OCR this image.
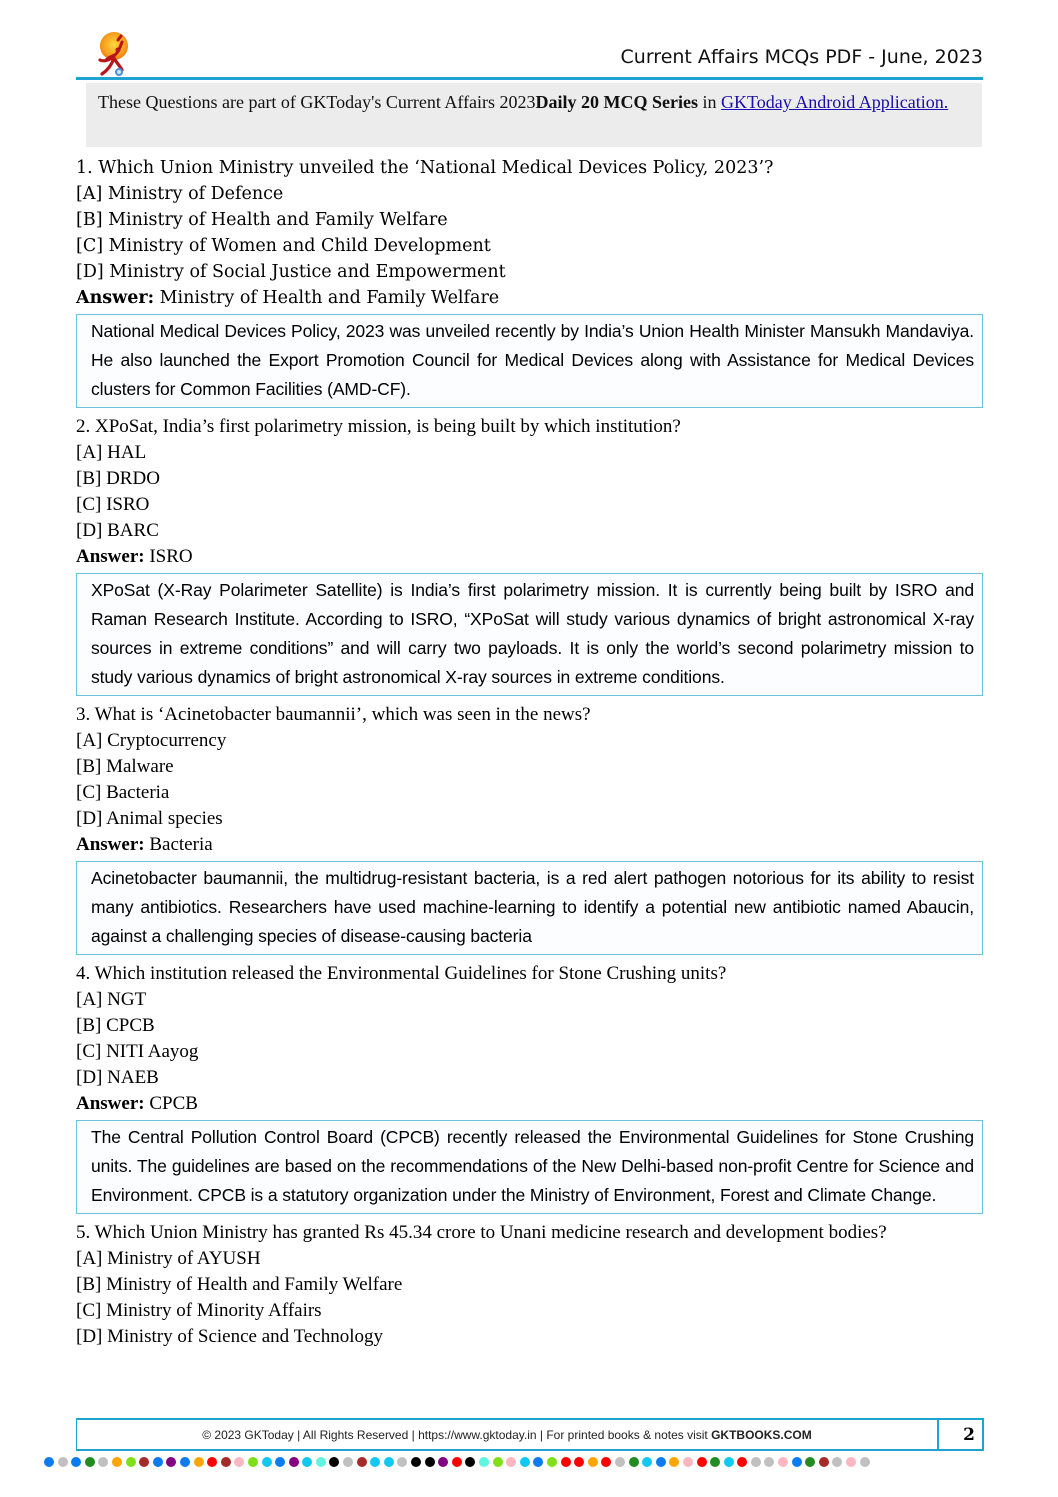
Current Affairs MCQs PDF - June, 2023
These Questions are part of GKToday's Current Affairs 2023Daily 20 MCQ Series in GKToday Android Application.
1. Which Union Ministry unveiled the ‘National Medical Devices Policy, 2023’?
[A] Ministry of Defence
[B] Ministry of Health and Family Welfare
[C] Ministry of Women and Child Development
[D] Ministry of Social Justice and Empowerment
Answer: Ministry of Health and Family Welfare
National Medical Devices Policy, 2023 was unveiled recently by India’s Union Health Minister Mansukh Mandaviya. He also launched the Export Promotion Council for Medical Devices along with Assistance for Medical Devices clusters for Common Facilities (AMD-CF).
2. XPoSat, India’s first polarimetry mission, is being built by which institution?
[A] HAL
[B] DRDO
[C] ISRO
[D] BARC
Answer: ISRO
XPoSat (X-Ray Polarimeter Satellite) is India’s first polarimetry mission. It is currently being built by ISRO and Raman Research Institute. According to ISRO, “XPoSat will study various dynamics of bright astronomical X-ray sources in extreme conditions” and will carry two payloads. It is only the world’s second polarimetry mission to study various dynamics of bright astronomical X-ray sources in extreme conditions.
3. What is ‘Acinetobacter baumannii’, which was seen in the news?
[A] Cryptocurrency
[B] Malware
[C] Bacteria
[D] Animal species
Answer: Bacteria
Acinetobacter baumannii, the multidrug-resistant bacteria, is a red alert pathogen notorious for its ability to resist many antibiotics. Researchers have used machine-learning to identify a potential new antibiotic named Abaucin, against a challenging species of disease-causing bacteria
4. Which institution released the Environmental Guidelines for Stone Crushing units?
[A] NGT
[B] CPCB
[C] NITI Aayog
[D] NAEB
Answer: CPCB
The Central Pollution Control Board (CPCB) recently released the Environmental Guidelines for Stone Crushing units. The guidelines are based on the recommendations of the New Delhi-based non-profit Centre for Science and Environment. CPCB is a statutory organization under the Ministry of Environment, Forest and Climate Change.
5. Which Union Ministry has granted Rs 45.34 crore to Unani medicine research and development bodies?
[A] Ministry of AYUSH
[B] Ministry of Health and Family Welfare
[C] Ministry of Minority Affairs
[D] Ministry of Science and Technology
© 2023 GKToday | All Rights Reserved | https://www.gktoday.in | For printed books & notes visit GKTBOOKS.COM	2
